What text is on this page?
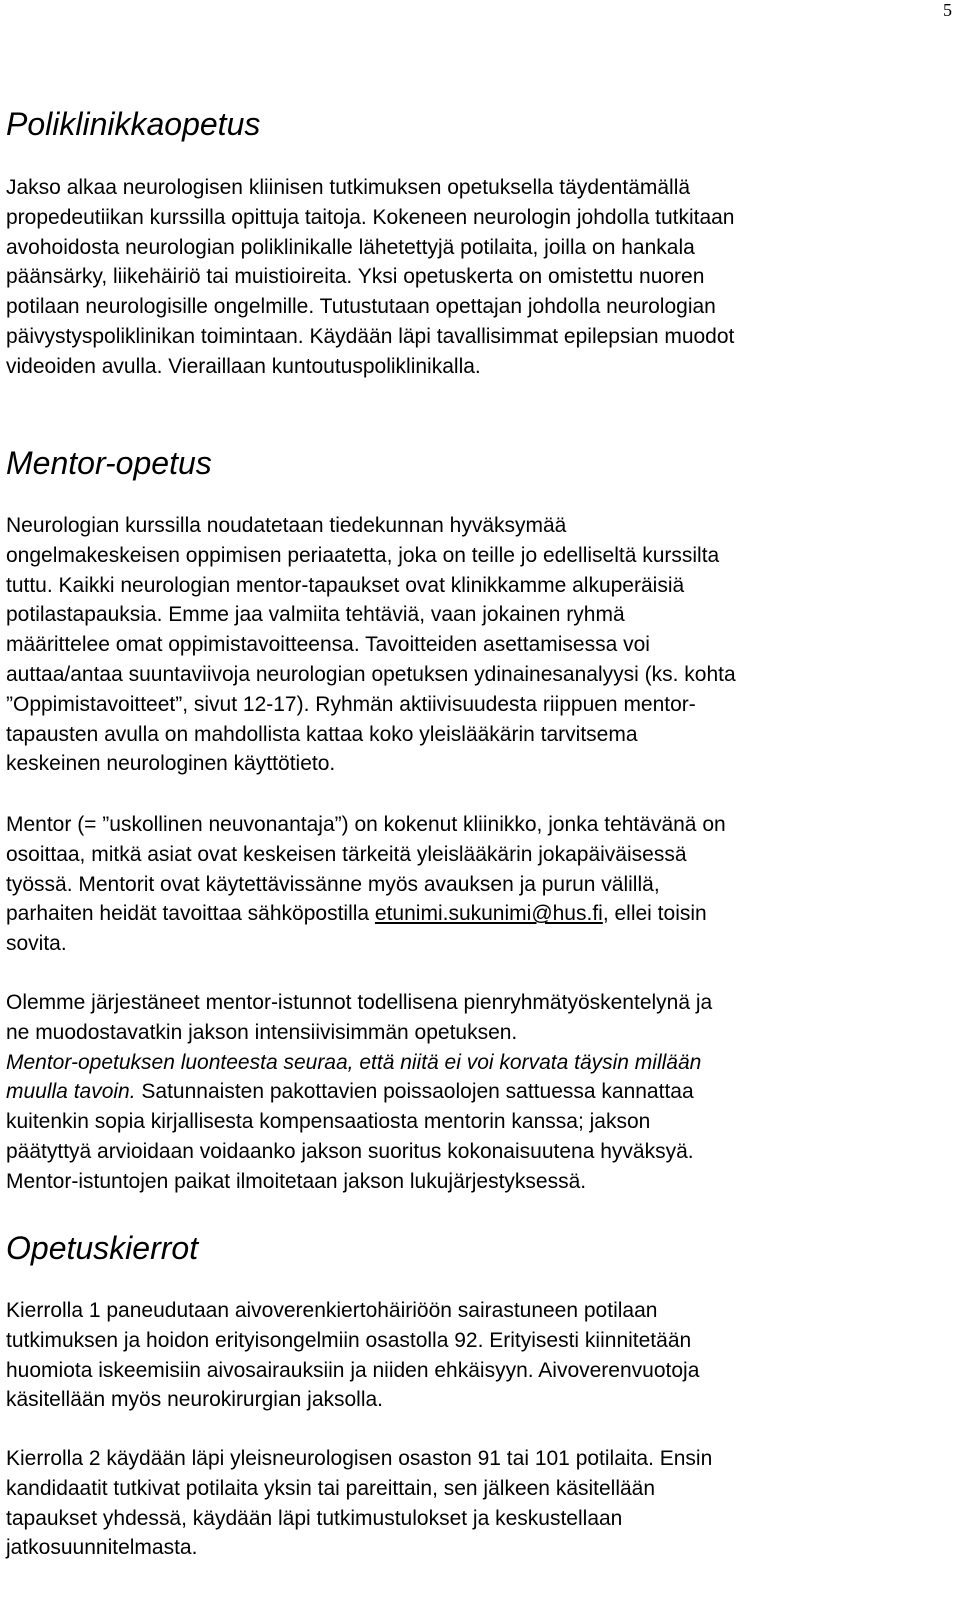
5
Poliklinikkaopetus

Jakso alkaa neurologisen kliinisen tutkimuksen opetuksella täydentämälläpropedeutiikan kurssilla opittuja taitoja. Kokeneen neurologin johdolla tutkitaanavohoidosta neurologian poliklinikalle lähetettyjä potilaita, joilla on hankalapäänsärky, liikehäiriö tai muistioireita. Yksi opetuskerta on omistettu nuorenpotilaan neurologisille ongelmille. Tutustutaan opettajan johdolla neurologianpäivystyspoliklinikan toimintaan. Käydään läpi tavallisimmat epilepsian muodotvideoiden avulla. Vieraillaan kuntoutuspoliklinikalla.

Mentor-opetus

Neurologian kurssilla noudatetaan tiedekunnan hyväksymääongelmakeskeisen oppimisen periaatetta, joka on teille jo edelliseltä kurssiltatuttu. Kaikki neurologian mentor-tapaukset ovat klinikkamme alkuperäisiäpotilastapauksia. Emme jaa valmiita tehtäviä, vaan jokainen ryhmämäärittelee omat oppimistavoitteensa. Tavoitteiden asettamisessa voiauttaa/antaa suuntaviivoja neurologian opetuksen ydinainesanalyysi (ks. kohta”Oppimistavoitteet”, sivut 12-17). Ryhmän aktiivisuudesta riippuen mentor-tapausten avulla on mahdollista kattaa koko yleislääkärin tarvitsemakeskeinen neurologinen käyttötieto.

Mentor (= ”uskollinen neuvonantaja”) on kokenut kliinikko, jonka tehtävänä onosoittaa, mitkä asiat ovat keskeisen tärkeitä yleislääkärin jokapäiväisessätyössä. Mentorit ovat käytettävissänne myös avauksen ja purun välillä,parhaiten heidät tavoittaa sähköpostilla etunimi.sukunimi@hus.fi, ellei toisinsovita.

Olemme järjestäneet mentor-istunnot todellisena pienryhmätyöskentelynä jane muodostavatkin jakson intensiivisimmän opetuksen.Mentor-opetuksen luonteesta seuraa, että niitä ei voi korvata täysin milläänmuulla tavoin. Satunnaisten pakottavien poissaolojen sattuessa kannattaakuitenkin sopia kirjallisesta kompensaatiosta mentorin kanssa; jaksonpäätyttyä arvioidaan voidaanko jakson suoritus kokonaisuutena hyväksyä.Mentor-istuntojen paikat ilmoitetaan jakson lukujärjestyksessä.

Opetuskierrot

Kierrolla 1 paneudutaan aivoverenkiertohäiriöön sairastuneen potilaantutkimuksen ja hoidon erityisongelmiin osastolla 92. Erityisesti kiinnitetäänhuomiota iskeemisiin aivosairauksiin ja niiden ehkäisyyn. Aivoverenvuotojakäsitellään myös neurokirurgian jaksolla.

Kierrolla 2 käydään läpi yleisneurologisen osaston 91 tai 101 potilaita. Ensinkandidaatit tutkivat potilaita yksin tai pareittain, sen jälkeen käsitellääntapaukset yhdessä, käydään läpi tutkimustulokset ja keskustellaanjatkosuunnitelmasta.
